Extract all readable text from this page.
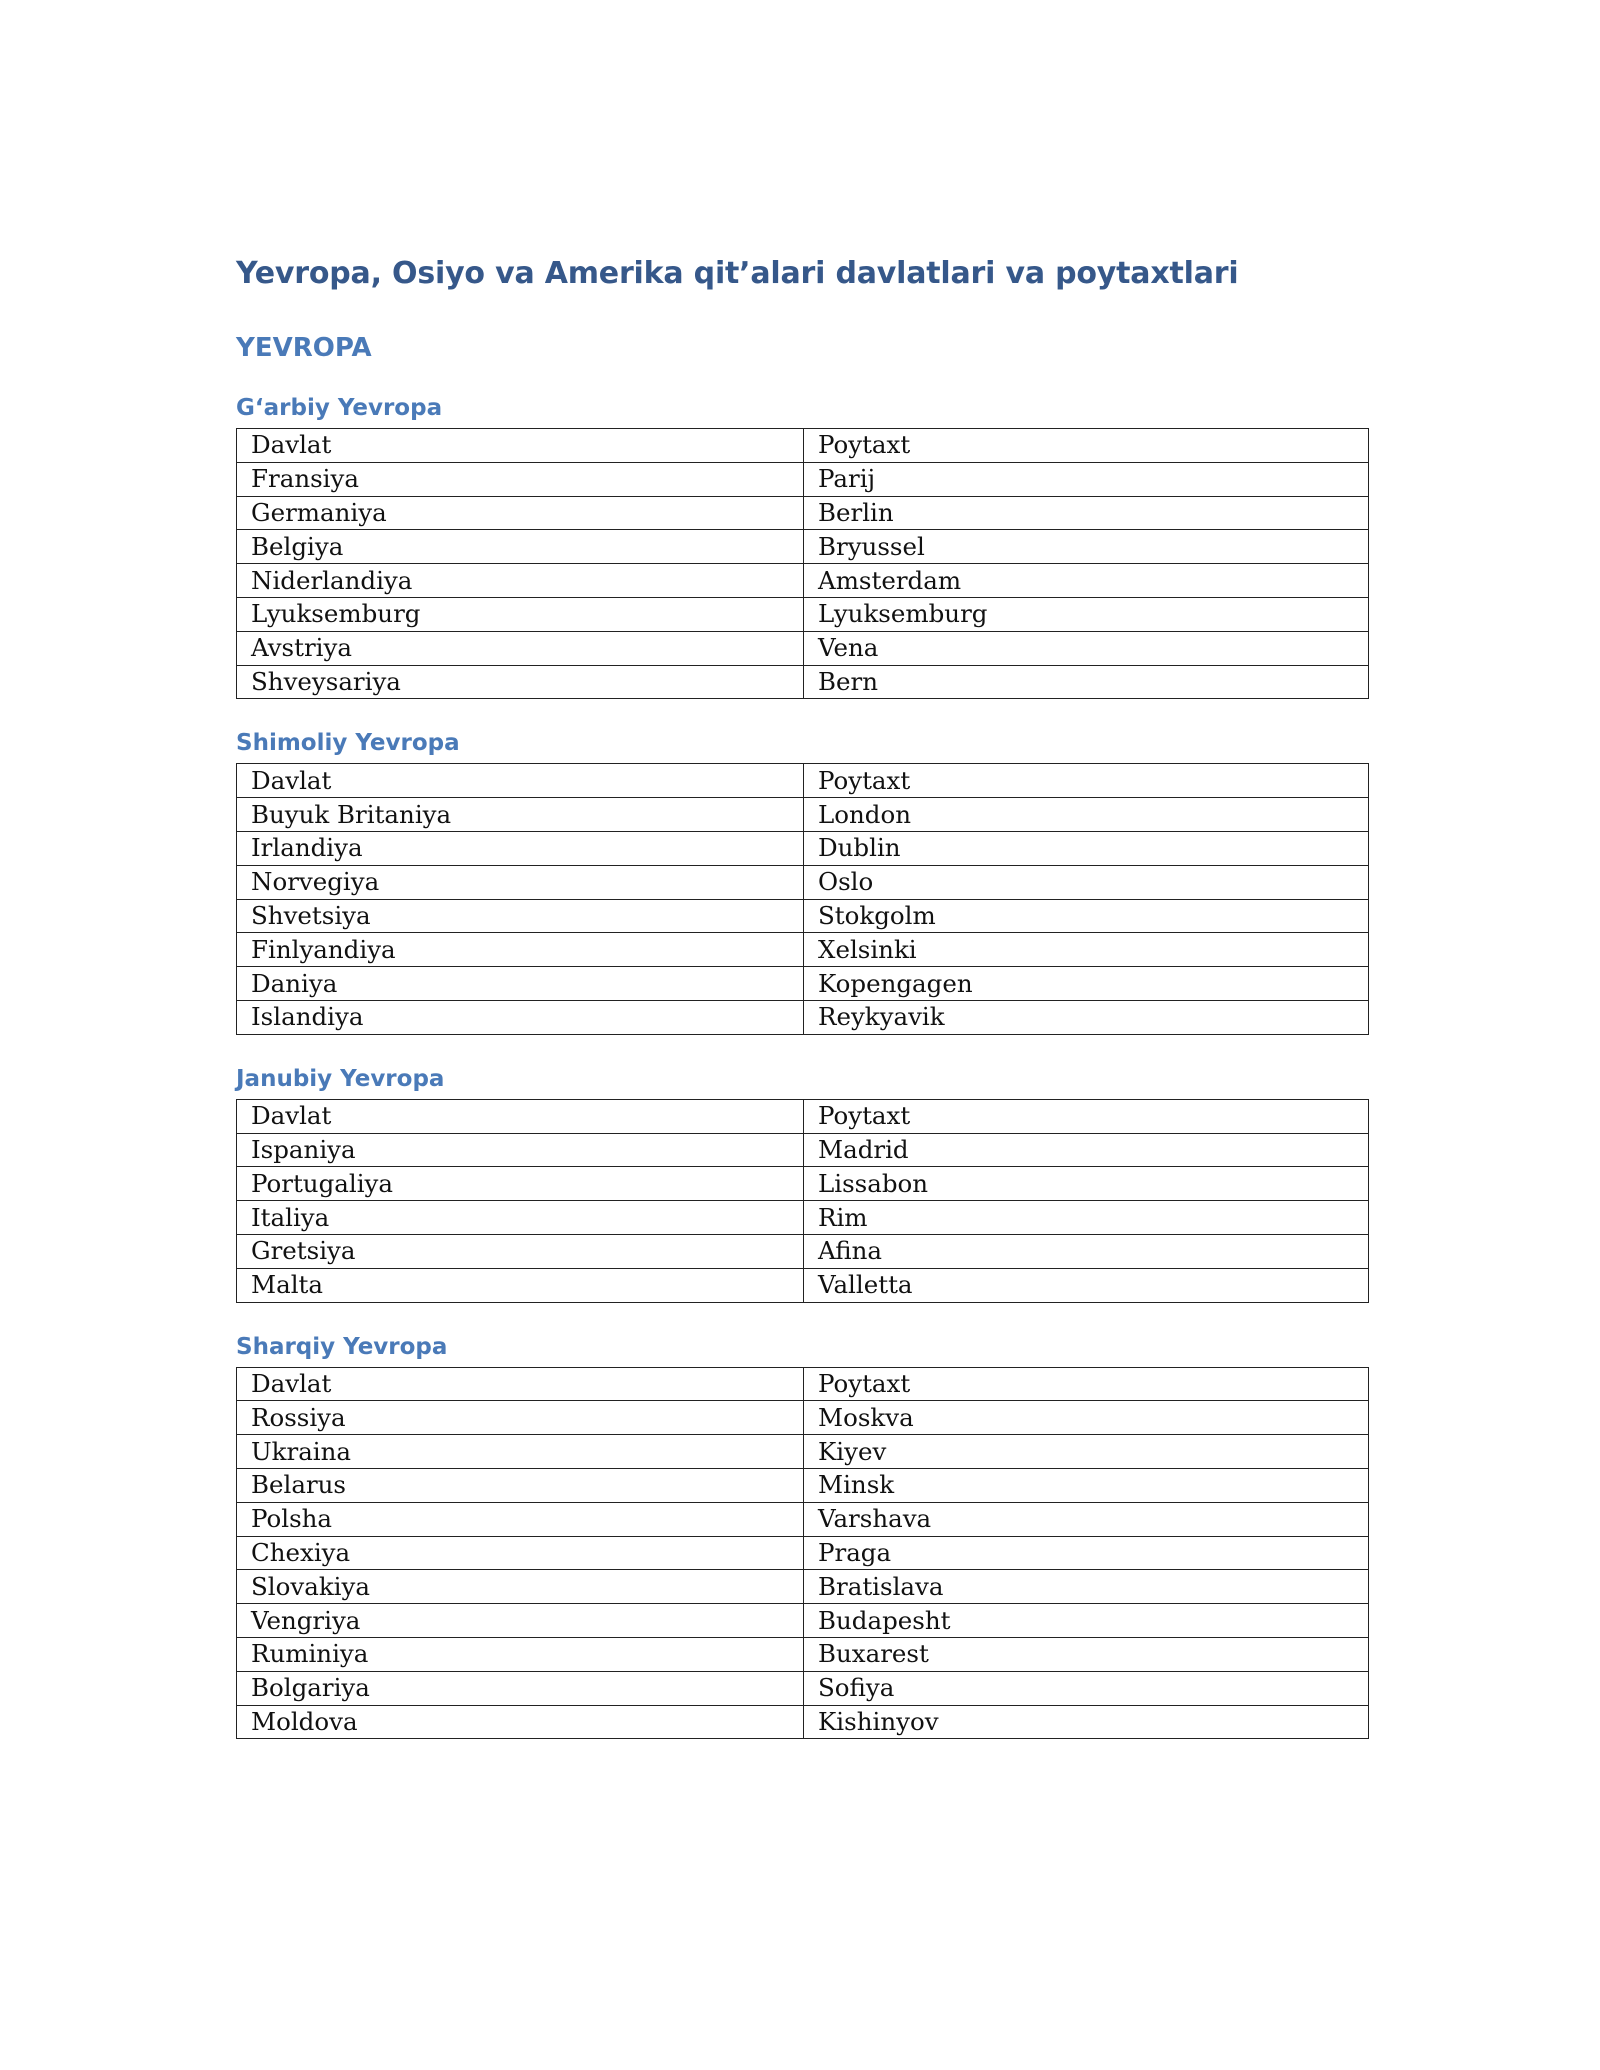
Yevropa, Osiyo va Amerika qit’alari davlatlari va poytaxtlari
YEVROPA
G‘arbiy Yevropa
Davlat	Poytaxt
Fransiya	Parij
Germaniya	Berlin
Belgiya	Bryussel
Niderlandiya	Amsterdam
Lyuksemburg	Lyuksemburg
Avstriya	Vena
Shveysariya	Bern
Shimoliy Yevropa
Davlat	Poytaxt
Buyuk Britaniya	London
Irlandiya	Dublin
Norvegiya	Oslo
Shvetsiya	Stokgolm
Finlyandiya	Xelsinki
Daniya	Kopengagen
Islandiya	Reykyavik
Janubiy Yevropa
Davlat	Poytaxt
Ispaniya	Madrid
Portugaliya	Lissabon
Italiya	Rim
Gretsiya	Afina
Malta	Valletta
Sharqiy Yevropa
Davlat	Poytaxt
Rossiya	Moskva
Ukraina	Kiyev
Belarus	Minsk
Polsha	Varshava
Chexiya	Praga
Slovakiya	Bratislava
Vengriya	Budapesht
Ruminiya	Buxarest
Bolgariya	Sofiya
Moldova	Kishinyov
